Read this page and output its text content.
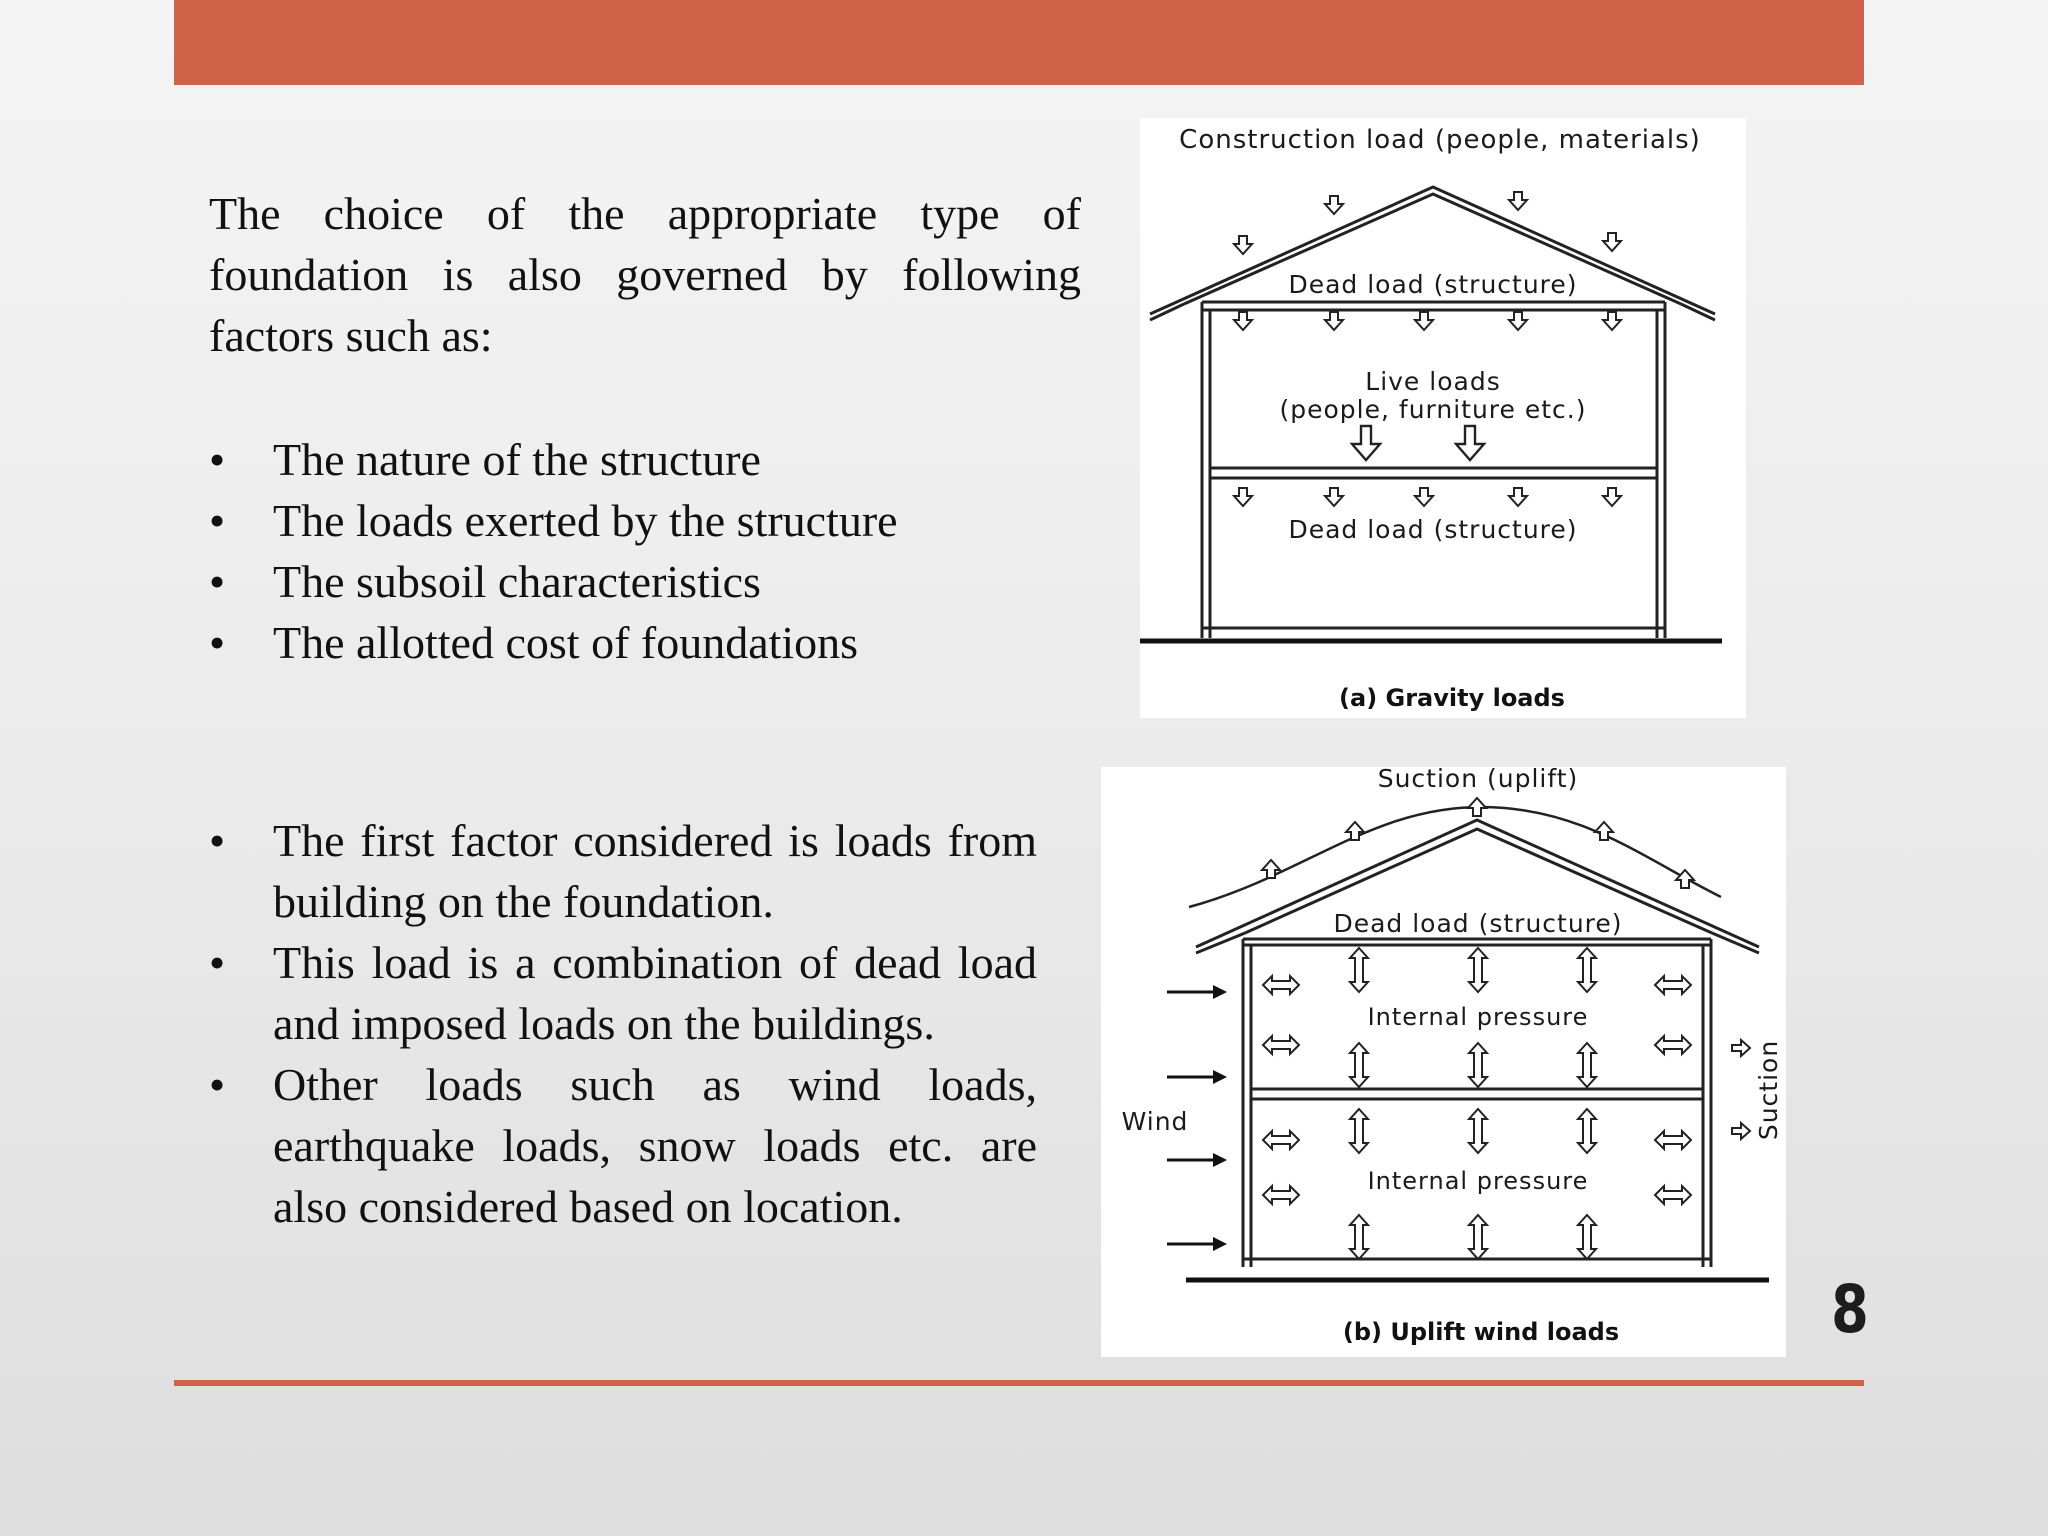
The choice of the appropriate type of foundation is also governed by following factors such as:
•	The nature of the structure
•	The loads exerted by the structure
•	The subsoil characteristics
•	The allotted cost of foundations
•	The first factor considered is loads from building on the foundation.
•	This load is a combination of dead load and imposed loads on the buildings.
•	Other loads such as wind loads, earthquake loads, snow loads etc. are also considered based on location.
Construction load (people, materials)
Dead load (structure)
Live loads
(people, furniture etc.)
Dead load (structure)
(a) Gravity loads
Suction (uplift)
Dead load (structure)
Internal pressure
Internal pressure
Wind	Suction
(b) Uplift wind loads	8
